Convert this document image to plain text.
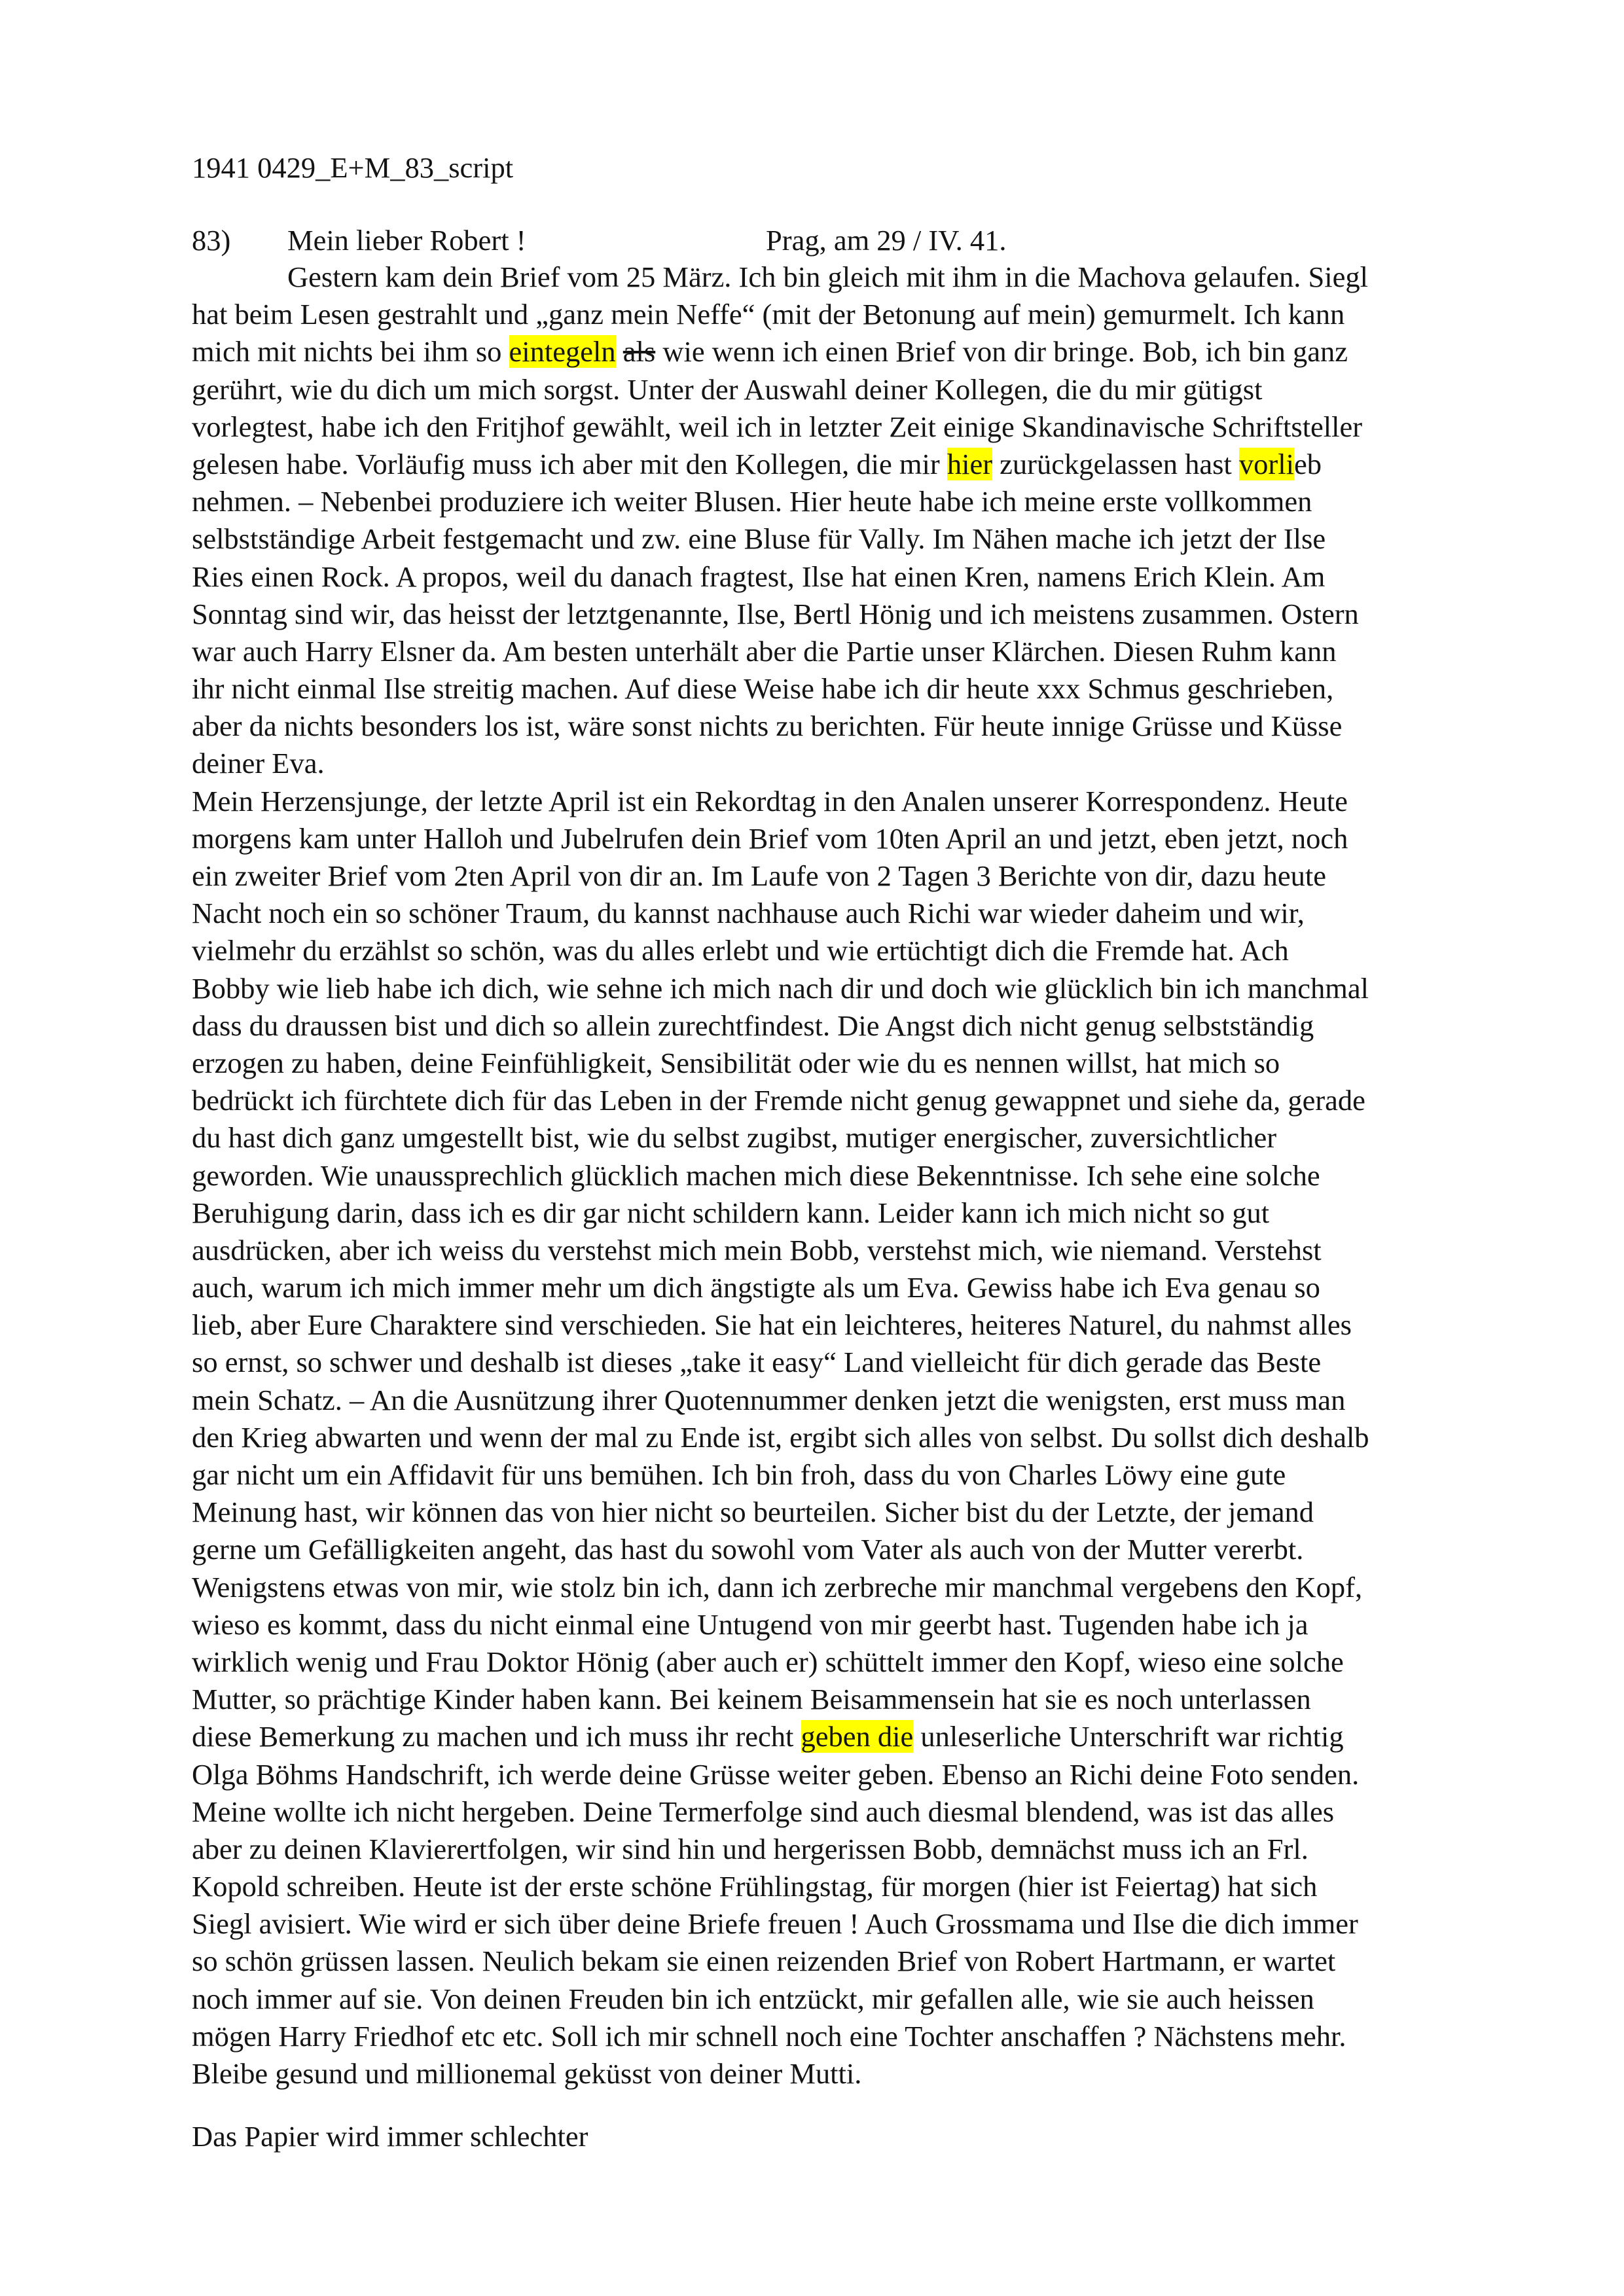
1941 0429_E+M_83_script
83) Mein lieber Robert !	Prag, am 29 / IV. 41.
Gestern kam dein Brief vom 25 März. Ich bin gleich mit ihm in die Machova gelaufen. Siegl
hat beim Lesen gestrahlt und „ganz mein Neffe“ (mit der Betonung auf mein) gemurmelt. Ich kann
mich mit nichts bei ihm so eintegeln als wie wenn ich einen Brief von dir bringe. Bob, ich bin ganz
gerührt, wie du dich um mich sorgst. Unter der Auswahl deiner Kollegen, die du mir gütigst
vorlegtest, habe ich den Fritjhof gewählt, weil ich in letzter Zeit einige Skandinavische Schriftsteller
gelesen habe. Vorläufig muss ich aber mit den Kollegen, die mir hier zurückgelassen hast vorlieb
nehmen. – Nebenbei produziere ich weiter Blusen. Hier heute habe ich meine erste vollkommen
selbstständige Arbeit festgemacht und zw. eine Bluse für Vally. Im Nähen mache ich jetzt der Ilse
Ries einen Rock. A propos, weil du danach fragtest, Ilse hat einen Kren, namens Erich Klein. Am
Sonntag sind wir, das heisst der letztgenannte, Ilse, Bertl Hönig und ich meistens zusammen. Ostern
war auch Harry Elsner da. Am besten unterhält aber die Partie unser Klärchen. Diesen Ruhm kann
ihr nicht einmal Ilse streitig machen. Auf diese Weise habe ich dir heute xxx Schmus geschrieben,
aber da nichts besonders los ist, wäre sonst nichts zu berichten. Für heute innige Grüsse und Küsse
deiner Eva.
Mein Herzensjunge, der letzte April ist ein Rekordtag in den Analen unserer Korrespondenz. Heute
morgens kam unter Halloh und Jubelrufen dein Brief vom 10ten April an und jetzt, eben jetzt, noch
ein zweiter Brief vom 2ten April von dir an. Im Laufe von 2 Tagen 3 Berichte von dir, dazu heute
Nacht noch ein so schöner Traum, du kannst nachhause auch Richi war wieder daheim und wir,
vielmehr du erzählst so schön, was du alles erlebt und wie ertüchtigt dich die Fremde hat. Ach
Bobby wie lieb habe ich dich, wie sehne ich mich nach dir und doch wie glücklich bin ich manchmal
dass du draussen bist und dich so allein zurechtfindest. Die Angst dich nicht genug selbstständig
erzogen zu haben, deine Feinfühligkeit, Sensibilität oder wie du es nennen willst, hat mich so
bedrückt ich fürchtete dich für das Leben in der Fremde nicht genug gewappnet und siehe da, gerade
du hast dich ganz umgestellt bist, wie du selbst zugibst, mutiger energischer, zuversichtlicher
geworden. Wie unaussprechlich glücklich machen mich diese Bekenntnisse. Ich sehe eine solche
Beruhigung darin, dass ich es dir gar nicht schildern kann. Leider kann ich mich nicht so gut
ausdrücken, aber ich weiss du verstehst mich mein Bobb, verstehst mich, wie niemand. Verstehst
auch, warum ich mich immer mehr um dich ängstigte als um Eva. Gewiss habe ich Eva genau so
lieb, aber Eure Charaktere sind verschieden. Sie hat ein leichteres, heiteres Naturel, du nahmst alles
so ernst, so schwer und deshalb ist dieses „take it easy“ Land vielleicht für dich gerade das Beste
mein Schatz. – An die Ausnützung ihrer Quotennummer denken jetzt die wenigsten, erst muss man
den Krieg abwarten und wenn der mal zu Ende ist, ergibt sich alles von selbst. Du sollst dich deshalb
gar nicht um ein Affidavit für uns bemühen. Ich bin froh, dass du von Charles Löwy eine gute
Meinung hast, wir können das von hier nicht so beurteilen. Sicher bist du der Letzte, der jemand
gerne um Gefälligkeiten angeht, das hast du sowohl vom Vater als auch von der Mutter vererbt.
Wenigstens etwas von mir, wie stolz bin ich, dann ich zerbreche mir manchmal vergebens den Kopf,
wieso es kommt, dass du nicht einmal eine Untugend von mir geerbt hast. Tugenden habe ich ja
wirklich wenig und Frau Doktor Hönig (aber auch er) schüttelt immer den Kopf, wieso eine solche
Mutter, so prächtige Kinder haben kann. Bei keinem Beisammensein hat sie es noch unterlassen
diese Bemerkung zu machen und ich muss ihr recht geben die unleserliche Unterschrift war richtig
Olga Böhms Handschrift, ich werde deine Grüsse weiter geben. Ebenso an Richi deine Foto senden.
Meine wollte ich nicht hergeben. Deine Termerfolge sind auch diesmal blendend, was ist das alles
aber zu deinen Klavierertfolgen, wir sind hin und hergerissen Bobb, demnächst muss ich an Frl.
Kopold schreiben. Heute ist der erste schöne Frühlingstag, für morgen (hier ist Feiertag) hat sich
Siegl avisiert. Wie wird er sich über deine Briefe freuen ! Auch Grossmama und Ilse die dich immer
so schön grüssen lassen. Neulich bekam sie einen reizenden Brief von Robert Hartmann, er wartet
noch immer auf sie. Von deinen Freuden bin ich entzückt, mir gefallen alle, wie sie auch heissen
mögen Harry Friedhof etc etc. Soll ich mir schnell noch eine Tochter anschaffen ? Nächstens mehr.
Bleibe gesund und millionemal geküsst von deiner Mutti.
Das Papier wird immer schlechter
